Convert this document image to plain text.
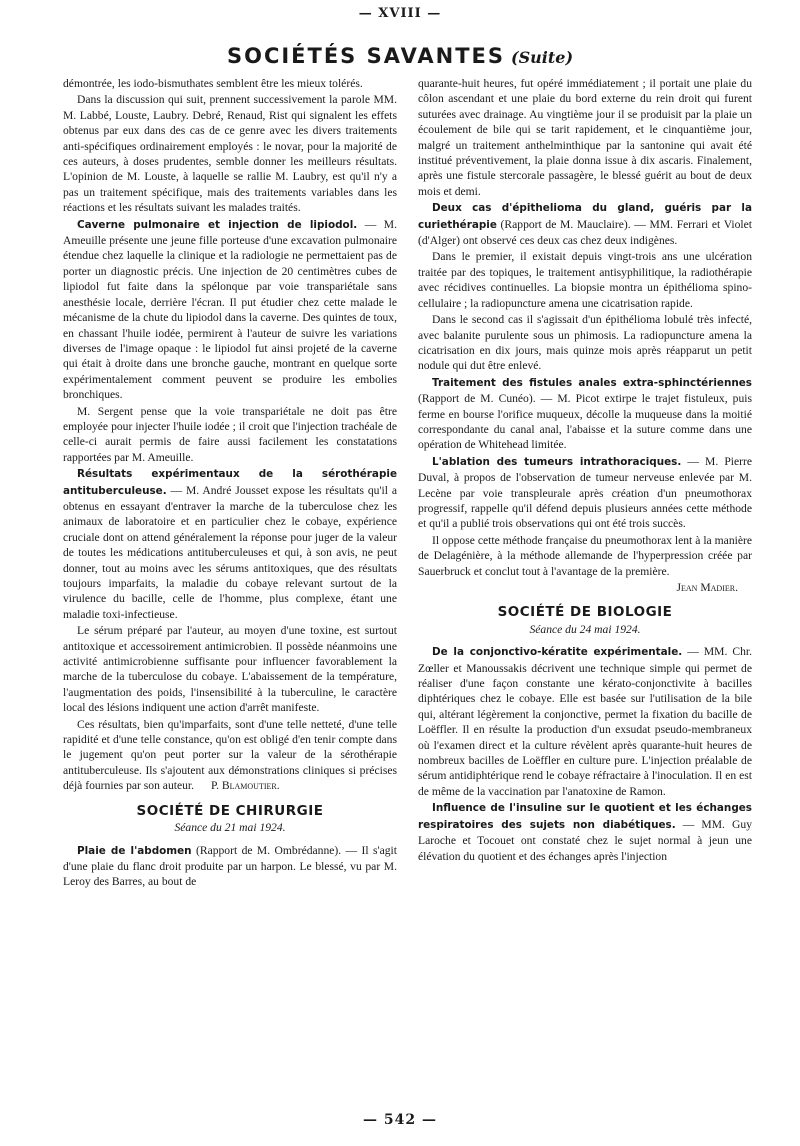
— XVIII —
SOCIÉTÉS SAVANTES (Suite)

démontrée, les iodo-bismuthates semblent être les mieux tolérés.

Dans la discussion qui suit, prennent successivement la parole MM. M. Labbé, Louste, Laubry. Debré, Renaud, Rist qui signalent les effets obtenus par eux dans des cas de ce genre avec les divers traitements anti-spécifiques ordinairement employés : le novar, pour la majorité de ces auteurs, à doses prudentes, semble donner les meilleurs résultats. L'opinion de M. Louste, à laquelle se rallie M. Laubry, est qu'il n'y a pas un traitement spécifique, mais des traitements variables dans les réactions et les résultats suivant les malades traités.

Caverne pulmonaire et injection de lipiodol. — M. Ameuille présente une jeune fille porteuse d'une excavation pulmonaire étendue chez laquelle la clinique et la radiologie ne permettaient pas de porter un diagnostic précis. Une injection de 20 centimètres cubes de lipiodol fut faite dans la spélonque par voie transpariétale sans anesthésie locale, derrière l'écran. Il put étudier chez cette malade le mécanisme de la chute du lipiodol dans la caverne. Des quintes de toux, en chassant l'huile iodée, permirent à l'auteur de suivre les variations diverses de l'image opaque : le lipiodol fut ainsi projeté de la caverne qui était à droite dans une bronche gauche, montrant en quelque sorte expérimentalement comment peuvent se produire les embolies bronchiques.

M. Sergent pense que la voie transpariétale ne doit pas être employée pour injecter l'huile iodée ; il croit que l'injection trachéale de celle-ci aurait permis de faire aussi facilement les constatations rapportées par M. Ameuille.

Résultats expérimentaux de la sérothérapie antituberculeuse. — M. André Jousset expose les résultats qu'il a obtenus en essayant d'entraver la marche de la tuberculose chez les animaux de laboratoire et en particulier chez le cobaye, expérience cruciale dont on attend généralement la réponse pour juger de la valeur de toutes les médications antituberculeuses et qui, à son avis, ne peut donner, tout au moins avec les sérums antitoxiques, que des résultats toujours imparfaits, la maladie du cobaye relevant surtout de la virulence du bacille, celle de l'homme, plus complexe, étant une maladie toxi-infectieuse.

Le sérum préparé par l'auteur, au moyen d'une toxine, est surtout antitoxique et accessoirement antimicrobien. Il possède néanmoins une activité antimicrobienne suffisante pour influencer favorablement la marche de la tuberculose du cobaye. L'abaissement de la température, l'augmentation des poids, l'insensibilité à la tuberculine, le caractère local des lésions indiquent une action d'arrêt manifeste.

Ces résultats, bien qu'imparfaits, sont d'une telle netteté, d'une telle rapidité et d'une telle constance, qu'on est obligé d'en tenir compte dans le jugement qu'on peut porter sur la valeur de la sérothérapie antituberculeuse. Ils s'ajoutent aux démonstrations cliniques si précises déjà fournies par son auteur. P. Blamoutier.

SOCIÉTÉ DE CHIRURGIE
Séance du 21 mai 1924.

Plaie de l'abdomen (Rapport de M. Ombrédanne). — Il s'agit d'une plaie du flanc droit produite par un harpon. Le blessé, vu par M. Leroy des Barres, au bout de

quarante-huit heures, fut opéré immédiatement ; il portait une plaie du côlon ascendant et une plaie du bord externe du rein droit qui furent suturées avec drainage. Au vingtième jour il se produisit par la plaie un écoulement de bile qui se tarit rapidement, et le cinquantième jour, malgré un traitement anthelminthique par la santonine qui avait été institué préventivement, la plaie donna issue à dix ascaris. Finalement, après une fistule stercorale passagère, le blessé guérit au bout de deux mois et demi.

Deux cas d'épithelioma du gland, guéris par la curiethérapie (Rapport de M. Mauclaire). — MM. Ferrari et Violet (d'Alger) ont observé ces deux cas chez deux indigènes.

Dans le premier, il existait depuis vingt-trois ans une ulcération traitée par des topiques, le traitement antisyphilitique, la radiothérapie avec récidives continuelles. La biopsie montra un épithélioma spino-cellulaire ; la radiopuncture amena une cicatrisation rapide.

Dans le second cas il s'agissait d'un épithélioma lobulé très infecté, avec balanite purulente sous un phimosis. La radiopuncture amena la cicatrisation en dix jours, mais quinze mois après réapparut un petit nodule qui dut être enlevé.

Traitement des fistules anales extra-sphinctériennes (Rapport de M. Cunéo). — M. Picot extirpe le trajet fistuleux, puis ferme en bourse l'orifice muqueux, décolle la muqueuse dans la moitié correspondante du canal anal, l'abaisse et la suture comme dans une opération de Whitehead limitée.

L'ablation des tumeurs intrathoraciques. — M. Pierre Duval, à propos de l'observation de tumeur nerveuse enlevée par M. Lecène par voie transpleurale après création d'un pneumothorax progressif, rappelle qu'il défend depuis plusieurs années cette méthode et qu'il a publié trois observations qui ont été trois succès.

Il oppose cette méthode française du pneumothorax lent à la manière de Delagénière, à la méthode allemande de l'hyperpression créée par Sauerbruck et conclut tout à l'avantage de la première.

Jean Madier.

SOCIÉTÉ DE BIOLOGIE
Séance du 24 mai 1924.

De la conjonctivo-kératite expérimentale. — MM. Chr. Zœller et Manoussakis décrivent une technique simple qui permet de réaliser d'une façon constante une kérato-conjonctivite à bacilles diphtériques chez le cobaye. Elle est basée sur l'utilisation de la bile qui, altérant légèrement la conjonctive, permet la fixation du bacille de Loëffler. Il en résulte la production d'un exsudat pseudo-membraneux où l'examen direct et la culture révèlent après quarante-huit heures de nombreux bacilles de Loëffler en culture pure. L'injection préalable de sérum antidiphtérique rend le cobaye réfractaire à l'inoculation. Il en est de même de la vaccination par l'anatoxine de Ramon.

Influence de l'insuline sur le quotient et les échanges respiratoires des sujets non diabétiques. — MM. Guy Laroche et Tocouet ont constaté chez le sujet normal à jeun une élévation du quotient et des échanges après l'injection

— 542 —
